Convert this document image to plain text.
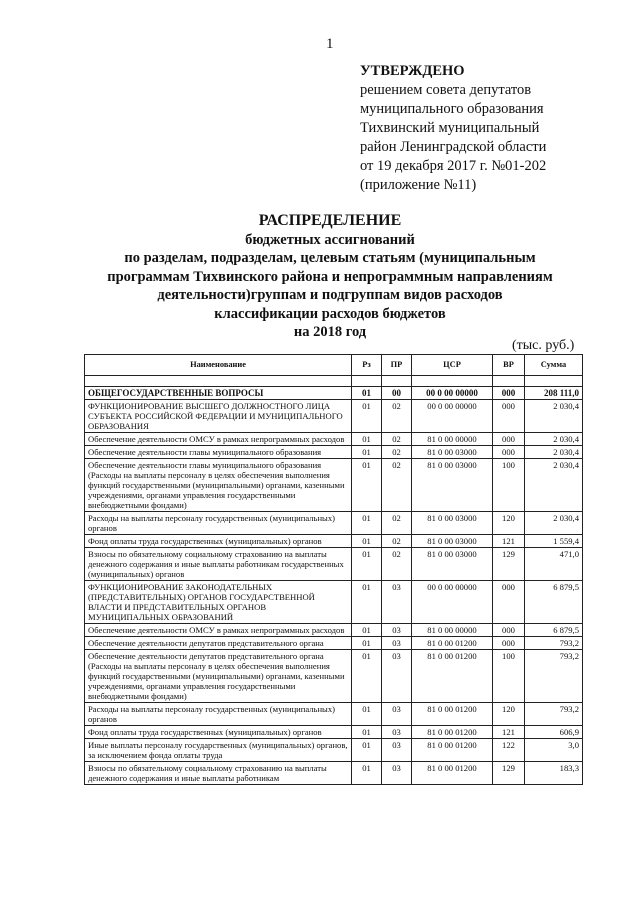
1
УТВЕРЖДЕНО
решением совета депутатов
муниципального образования
Тихвинский муниципальный
район Ленинградской области
от 19 декабря 2017 г. №01-202
(приложение №11)
РАСПРЕДЕЛЕНИЕ
бюджетных ассигнований
по разделам, подразделам, целевым статьям (муниципальным
программам Тихвинского района и непрограммным направлениям
деятельности)группам и подгруппам видов расходов
классификации расходов бюджетов
на 2018 год
(тыс. руб.)
Наименование	Рз	ПР	ЦСР	ВР	Сумма

ОБЩЕГОСУДАРСТВЕННЫЕ ВОПРОСЫ	01	00	00 0 00 00000	000	208 111,0
ФУНКЦИОНИРОВАНИЕ ВЫСШЕГО ДОЛЖНОСТНОГО ЛИЦА СУБЪЕКТА РОССИЙСКОЙ ФЕДЕРАЦИИ И МУНИЦИПАЛЬНОГО ОБРАЗОВАНИЯ	01	02	00 0 00 00000	000	2 030,4
Обеспечение деятельности ОМСУ в рамках непрограммных расходов	01	02	81 0 00 00000	000	2 030,4
Обеспечение деятельности главы муниципального образования	01	02	81 0 00 03000	000	2 030,4
Обеспечение деятельности главы муниципального образования (Расходы на выплаты персоналу в целях обеспечения выполнения функций государственными (муниципальными) органами, казенными учреждениями, органами управления государственными внебюджетными фондами)	01	02	81 0 00 03000	100	2 030,4
Расходы на выплаты персоналу государственных (муниципальных) органов	01	02	81 0 00 03000	120	2 030,4
Фонд оплаты труда государственных (муниципальных) органов	01	02	81 0 00 03000	121	1 559,4
Взносы по обязательному социальному страхованию на выплаты денежного содержания и иные выплаты работникам государственных (муниципальных) органов	01	02	81 0 00 03000	129	471,0
ФУНКЦИОНИРОВАНИЕ ЗАКОНОДАТЕЛЬНЫХ (ПРЕДСТАВИТЕЛЬНЫХ) ОРГАНОВ ГОСУДАРСТВЕННОЙ ВЛАСТИ И ПРЕДСТАВИТЕЛЬНЫХ ОРГАНОВ МУНИЦИПАЛЬНЫХ ОБРАЗОВАНИЙ	01	03	00 0 00 00000	000	6 879,5
Обеспечение деятельности ОМСУ в рамках непрограммных расходов	01	03	81 0 00 00000	000	6 879,5
Обеспечение деятельности депутатов представительного органа	01	03	81 0 00 01200	000	793,2
Обеспечение деятельности депутатов представительного органа (Расходы на выплаты персоналу в целях обеспечения выполнения функций государственными (муниципальными) органами, казенными учреждениями, органами управления государственными внебюджетными фондами)	01	03	81 0 00 01200	100	793,2
Расходы на выплаты персоналу государственных (муниципальных) органов	01	03	81 0 00 01200	120	793,2
Фонд оплаты труда государственных (муниципальных) органов	01	03	81 0 00 01200	121	606,9
Иные выплаты персоналу государственных (муниципальных) органов, за исключением фонда оплаты труда	01	03	81 0 00 01200	122	3,0
Взносы по обязательному социальному страхованию на выплаты денежного содержания и иные выплаты работникам	01	03	81 0 00 01200	129	183,3
